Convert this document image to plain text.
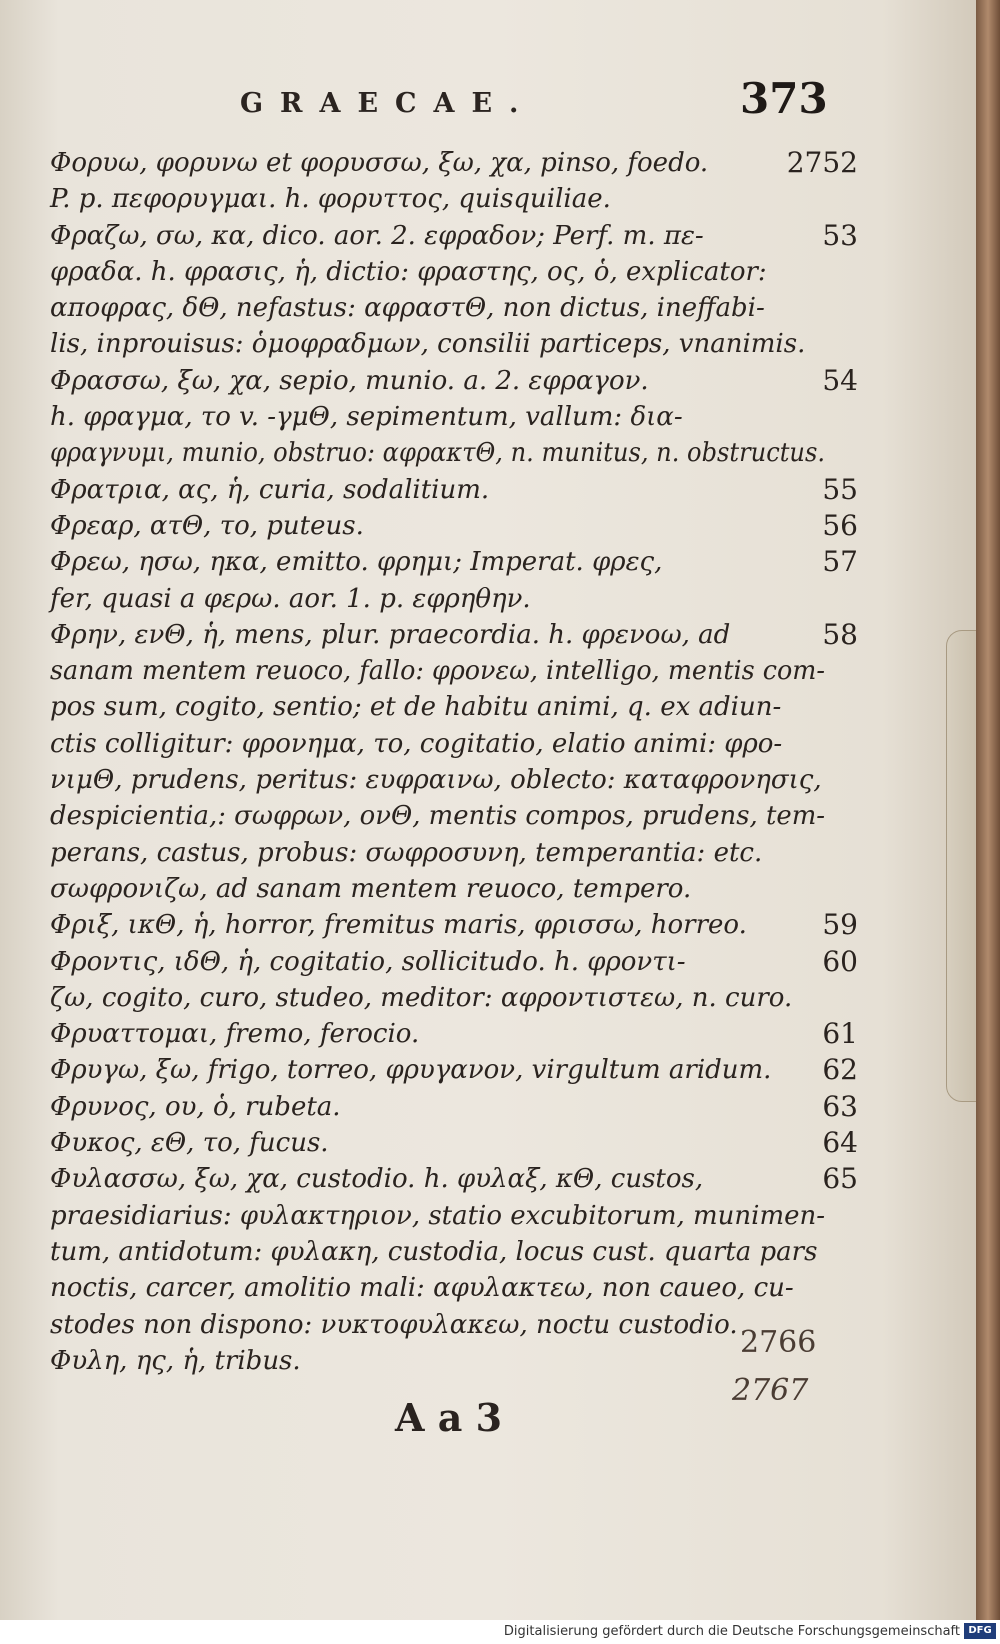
GRAECAE.	373
Φορυω, φορυνω et φορυσσω, ξω, χα, pinso, foedo.	2752
P. p. πεφορυγμαι. h. φορυττος, quisquiliae.
Φραζω, σω, κα, dico. aor. 2. εφραδον; Perf. m. πε-	53
φραδα. h. φρασις, ἡ, dictio: φραστης, ος, ὁ, explicator:
αποφρας, δΘ, nefastus: αφραστΘ, non dictus, ineffabi-
lis, inprouisus: ὁμοφραδμων, consilii particeps, vnanimis.
Φρασσω, ξω, χα, sepio, munio. a. 2. εφραγον.	54
h. φραγμα, το v. -γμΘ, sepimentum, vallum: δια-
φραγνυμι, munio, obstruo: αφρακτΘ, n. munitus, n. obstructus.
Φρατρια, ας, ἡ, curia, sodalitium.	55
Φρεαρ, ατΘ, το, puteus.	56
Φρεω, ησω, ηκα, emitto. φρημι; Imperat. φρες,	57
fer, quasi a φερω. aor. 1. p. εφρηθην.
Φρην, ενΘ, ἡ, mens, plur. praecordia. h. φρενοω, ad	58
sanam mentem reuoco, fallo: φρονεω, intelligo, mentis com-
pos sum, cogito, sentio; et de habitu animi, q. ex adiun-
ctis colligitur: φρονημα, το, cogitatio, elatio animi: φρο-
νιμΘ, prudens, peritus: ευφραινω, oblecto: καταφρονησις,
despicientia,: σωφρων, ονΘ, mentis compos, prudens, tem-
perans, castus, probus: σωφροσυνη, temperantia: etc.
σωφρονιζω, ad sanam mentem reuoco, tempero.
Φριξ, ικΘ, ἡ, horror, fremitus maris, φρισσω, horreo.	59
Φροντις, ιδΘ, ἡ, cogitatio, sollicitudo. h. φροντι-	60
ζω, cogito, curo, studeo, meditor: αφροντιστεω, n. curo.
Φρυαττομαι, fremo, ferocio.	61
Φρυγω, ξω, frigo, torreo, φρυγανον, virgultum aridum. 62
Φρυνος, ου, ὁ, rubeta.	63
Φυκος, εΘ, το, fucus.	64
Φυλασσω, ξω, χα, custodio. h. φυλαξ, κΘ, custos,	65
praesidiarius: φυλακτηριον, statio excubitorum, munimen-
tum, antidotum: φυλακη, custodia, locus cust. quarta pars
noctis, carcer, amolitio mali: αφυλακτεω, non caueo, cu-
stodes non dispono: νυκτοφυλακεω, noctu custodio.
Φυλη, ης, ἡ, tribus.
2766
2767
A a 3
Digitalisierung gefördert durch die Deutsche Forschungsgemeinschaft DFG
